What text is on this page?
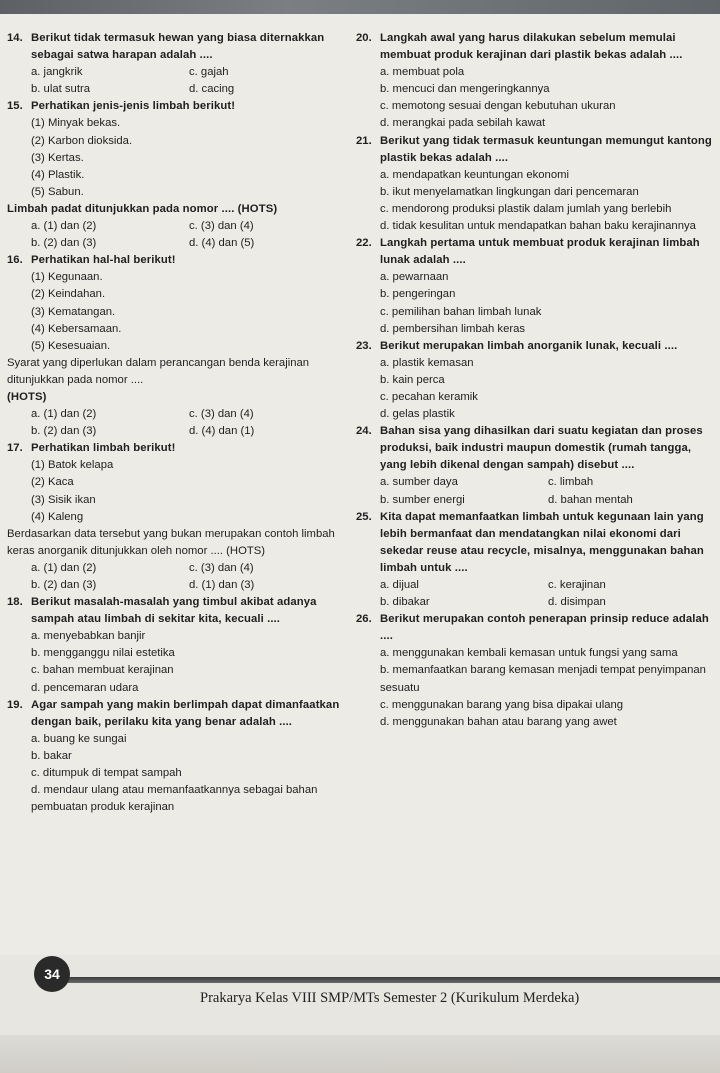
14. Berikut tidak termasuk hewan yang biasa diternakkan sebagai satwa harapan adalah ....
a. jangkrik	c. gajah
b. ulat sutra	d. cacing
15. Perhatikan jenis-jenis limbah berikut!
(1) Minyak bekas.
(2) Karbon dioksida.
(3) Kertas.
(4) Plastik.
(5) Sabun.
Limbah padat ditunjukkan pada nomor .... (HOTS)
a. (1) dan (2)	c. (3) dan (4)
b. (2) dan (3)	d. (4) dan (5)
16. Perhatikan hal-hal berikut!
(1) Kegunaan.
(2) Keindahan.
(3) Kematangan.
(4) Kebersamaan.
(5) Kesesuaian.
Syarat yang diperlukan dalam perancangan benda kerajinan ditunjukkan pada nomor ....
(HOTS)
a. (1) dan (2)	c. (3) dan (4)
b. (2) dan (3)	d. (4) dan (1)
17. Perhatikan limbah berikut!
(1) Batok kelapa
(2) Kaca
(3) Sisik ikan
(4) Kaleng
Berdasarkan data tersebut yang bukan merupakan contoh limbah keras anorganik ditunjukkan oleh nomor .... (HOTS)
a. (1) dan (2)	c. (3) dan (4)
b. (2) dan (3)	d. (1) dan (3)
18. Berikut masalah-masalah yang timbul akibat adanya sampah atau limbah di sekitar kita, kecuali ....
a. menyebabkan banjir
b. mengganggu nilai estetika
c. bahan membuat kerajinan
d. pencemaran udara
19. Agar sampah yang makin berlimpah dapat dimanfaatkan dengan baik, perilaku kita yang benar adalah ....
a. buang ke sungai
b. bakar
c. ditumpuk di tempat sampah
d. mendaur ulang atau memanfaatkannya sebagai bahan pembuatan produk kerajinan
20. Langkah awal yang harus dilakukan sebelum memulai membuat produk kerajinan dari plastik bekas adalah ....
a. membuat pola
b. mencuci dan mengeringkannya
c. memotong sesuai dengan kebutuhan ukuran
d. merangkai pada sebilah kawat
21. Berikut yang tidak termasuk keuntungan memungut kantong plastik bekas adalah ....
a. mendapatkan keuntungan ekonomi
b. ikut menyelamatkan lingkungan dari pencemaran
c. mendorong produksi plastik dalam jumlah yang berlebih
d. tidak kesulitan untuk mendapatkan bahan baku kerajinannya
22. Langkah pertama untuk membuat produk kerajinan limbah lunak adalah ....
a. pewarnaan
b. pengeringan
c. pemilihan bahan limbah lunak
d. pembersihan limbah keras
23. Berikut merupakan limbah anorganik lunak, kecuali ....
a. plastik kemasan
b. kain perca
c. pecahan keramik
d. gelas plastik
24. Bahan sisa yang dihasilkan dari suatu kegiatan dan proses produksi, baik industri maupun domestik (rumah tangga, yang lebih dikenal dengan sampah) disebut ....
a. sumber daya	c. limbah
b. sumber energi	d. bahan mentah
25. Kita dapat memanfaatkan limbah untuk kegunaan lain yang lebih bermanfaat dan mendatangkan nilai ekonomi dari sekedar reuse atau recycle, misalnya, menggunakan bahan limbah untuk ....
a. dijual	c. kerajinan
b. dibakar	d. disimpan
26. Berikut merupakan contoh penerapan prinsip reduce adalah ....
a. menggunakan kembali kemasan untuk fungsi yang sama
b. memanfaatkan barang kemasan menjadi tempat penyimpanan sesuatu
c. menggunakan barang yang bisa dipakai ulang
d. menggunakan bahan atau barang yang awet
34
Prakarya Kelas VIII SMP/MTs Semester 2 (Kurikulum Merdeka)
